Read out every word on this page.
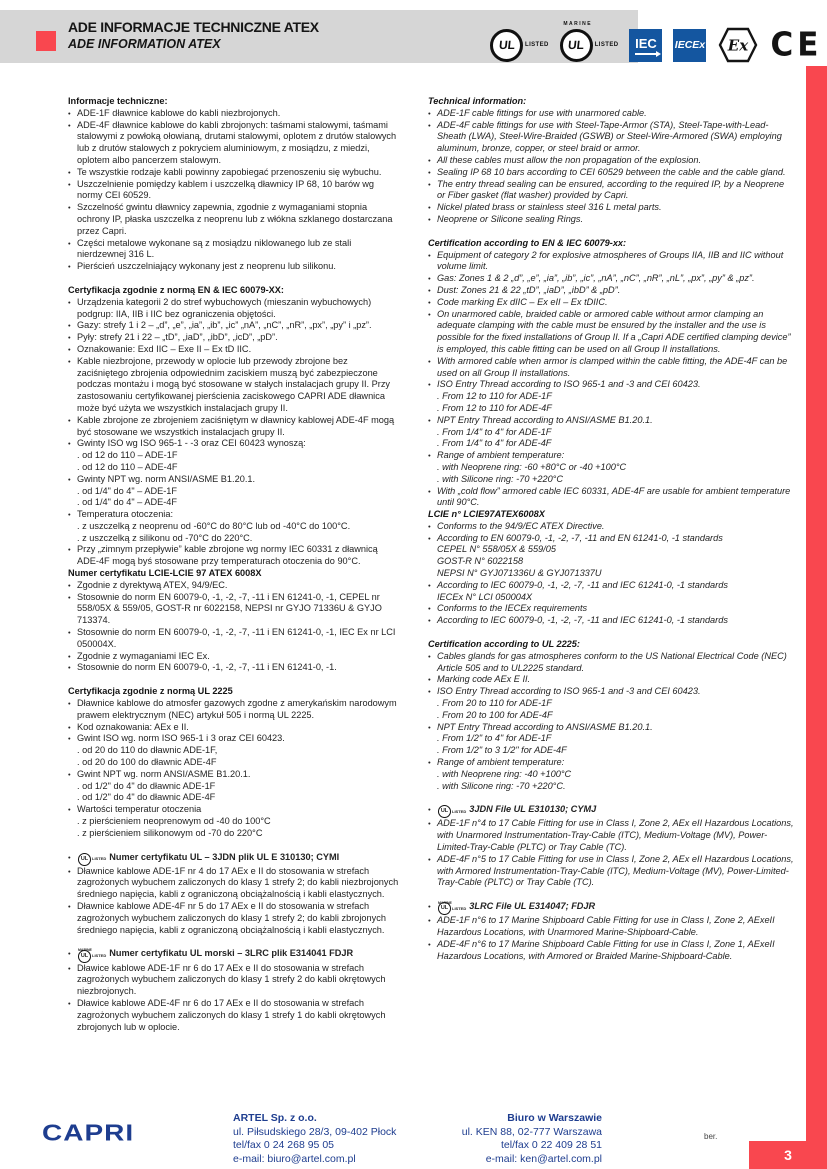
ADE INFORMACJE TECHNICZNE ATEX
ADE INFORMATION ATEX	UL LISTED
MARINE
UL LISTED IEC IECEx Ex CE
Informacje techniczne:
• ADE-1F dławnice kablowe do kabli niezbrojonych.
• ADE-4F dławnice kablowe do kabli zbrojonych: taśmami stalowymi, taśmami stalowymi z powłoką ołowianą, drutami stalowymi, oplotem z drutów stalowych lub z drutów stalowych z pokryciem aluminiowym, z mosiądzu, z miedzi, oplotem albo pancerzem stalowym.
• Te wszystkie rodzaje kabli powinny zapobiegać przenoszeniu się wybuchu.
• Uszczelnienie pomiędzy kablem i uszczelką dławnicy IP 68, 10 barów wg normy CEI 60529.
• Szczelność gwintu dławnicy zapewnia, zgodnie z wymaganiami stopnia ochrony IP, płaska uszczelka z neoprenu lub z włókna szklanego dostarczana przez Capri.
• Części metalowe wykonane są z mosiądzu niklowanego lub ze stali nierdzewnej 316 L.
• Pierścień uszczelniający wykonany jest z neoprenu lub silikonu.
Certyfikacja zgodnie z normą EN & IEC 60079-XX:
• Urządzenia kategorii 2 do stref wybuchowych (mieszanin wybuchowych) podgrup: IIA, IIB i IIC bez ograniczenia objętości.
• Gazy: strefy 1 i 2 – „d”, „e”, „ia”, „ib”, „ic” „nA”, „nC”, „nR”, „px”, „py” i „pz”.
• Pyły: strefy 21 i 22 – „tD”, „iaD”, „ibD”, „icD”, „pD”.
• Oznakowanie: Exd IIC – Exe II – Ex tD IIC.
• Kable niezbrojone, przewody w oplocie lub przewody zbrojone bez zaciśniętego zbrojenia odpowiednim zaciskiem muszą być zabezpieczone podczas montażu i mogą być stosowane w stałych instalacjach grupy II. Przy zastosowaniu certyfikowanej pierścienia zaciskowego CAPRI ADE dławnica może być użyta we wszystkich instalacjach grupy II.
• Kable zbrojone ze zbrojeniem zaciśniętym w dławnicy kablowej ADE-4F mogą być stosowane we wszystkich instalacjach grupy II.
• Gwinty ISO wg ISO 965-1 - -3 oraz CEI 60423 wynoszą:
. od 12 do 110 – ADE-1F
. od 12 do 110 – ADE-4F
• Gwinty NPT wg. norm ANSI/ASME B1.20.1.
. od 1/4" do 4" – ADE-1F
. od 1/4" do 4" – ADE-4F
• Temperatura otoczenia:
. z uszczelką z neoprenu od -60°C do 80°C lub od -40°C do 100°C.
. z uszczelką z silikonu od -70°C do 220°C.
• Przy „zimnym przepływie” kable zbrojone wg normy IEC 60331 z dławnicą ADE-4F mogą byś stosowane przy temperaturach otoczenia do 90°C.
Numer certyfikatu LCIE-LCIE 97 ATEX 6008X
• Zgodnie z dyrektywą ATEX, 94/9/EC.
• Stosownie do norm EN 60079-0, -1, -2, -7, -11 i EN 61241-0, -1, CEPEL nr 558/05X & 559/05, GOST-R nr 6022158, NEPSI nr GYJO 71336U & GYJO 713374.
• Stosownie do norm EN 60079-0, -1, -2, -7, -11 i EN 61241-0, -1, IEC Ex nr LCI 050004X.
• Zgodnie z wymaganiami IEC Ex.
• Stosownie do norm EN 60079-0, -1, -2, -7, -11 i EN 61241-0, -1.
Certyfikacja zgodnie z normą UL 2225
• Dławnice kablowe do atmosfer gazowych zgodne z amerykańskim narodowym prawem elektrycznym (NEC) artykuł 505 i normą UL 2225.
• Kod oznakowania: AEx e II.
• Gwint ISO wg. norm ISO 965-1 i 3 oraz CEI 60423.
. od 20 do 110 do dławnic ADE-1F,
. od 20 do 100 do dławnic ADE-4F
• Gwint NPT wg. norm ANSI/ASME B1.20.1.
. od 1/2" do 4" do dławnic ADE-1F
. od 1/2" do 4" do dławnic ADE-4F
• Wartości temperatur otoczenia
. z pierścieniem neoprenowym od -40 do 100°C
. z pierścieniem silikonowym od -70 do 220°C
•	UL LISTED Numer certyfikatu UL – 3JDN plik UL E 310130; CYMI
• Dławnice kablowe ADE-1F nr 4 do 17 AEx e II do stosowania w strefach zagrożonych wybuchem zaliczonych do klasy 1 strefy 2; do kabli niezbrojonych średniego napięcia, kabli z ograniczoną obciążalnością i kabli elastycznych.
• Dławnice kablowe ADE-4F nr 5 do 17 AEx e II do stosowania w strefach zagrożonych wybuchem zaliczonych do klasy 1 strefy 2; do kabli zbrojonych średniego napięcia, kabli z ograniczoną obciążalnością i kabli elastycznych.
• MARINE
UL LISTED Numer certyfikatu UL morski – 3LRC plik E314041 FDJR
• Dławice kablowe ADE-1F nr 6 do 17 AEx e II do stosowania w strefach zagrożonych wybuchem zaliczonych do klasy 1 strefy 2 do kabli okrętowych niezbrojonych.
• Dławice kablowe ADE-4F nr 6 do 17 AEx e II do stosowania w strefach zagrożonych wybuchem zaliczonych do klasy 1 strefy 1 do kabli okrętowych zbrojonych lub w oplocie.
Technical information:
• ADE-1F cable fittings for use with unarmored cable.
• ADE-4F cable fittings for use with Steel-Tape-Armor (STA), Steel-Tape-with-Lead-Sheath (LWA), Steel-Wire-Braided (GSWB) or Steel-Wire-Armored (SWA) employing aluminum, bronze, copper, or steel braid or armor.
• All these cables must allow the non propagation of the explosion.
• Sealing IP 68 10 bars according to CEI 60529 between the cable and the cable gland.
• The entry thread sealing can be ensured, according to the required IP, by a Neoprene or Fiber gasket (flat washer) provided by Capri.
• Nickel plated brass or stainless steel 316 L metal parts.
• Neoprene or Silicone sealing Rings.
Certification according to EN & IEC 60079-xx:
• Equipment of category 2 for explosive atmospheres of Groups IIA, IIB and IIC without volume limit.
• Gas: Zones 1 & 2 „d”, „e”, „ia”, „ib”, „ic”, „nA”, „nC”, „nR”, „nL”, „px”, „py” & „pz”.
• Dust: Zones 21 & 22 „tD”, „iaD”, „ibD” & „pD”.
• Code marking Ex dIIC – Ex eII – Ex tDIIC.
• On unarmored cable, braided cable or armored cable without armor clamping an adequate clamping with the cable must be ensured by the installer and the use is possible for the fixed installations of Group II. If a „Capri ADE certified clamping device” is employed, this cable fitting can be used on all Group II installations.
• With armored cable when armor is clamped within the cable fitting, the ADE-4F can be used on all Group II installations.
• ISO Entry Thread according to ISO 965-1 and -3 and CEI 60423.
. From 12 to 110 for ADE-1F
. From 12 to 110 for ADE-4F
• NPT Entry Thread according to ANSI/ASME B1.20.1.
. From 1/4" to 4" for ADE-1F
. From 1/4" to 4" for ADE-4F
• Range of ambient temperature:
. with Neoprene ring: -60 +80°C or -40 +100°C
. with Silicone ring: -70 +220°C
• With „cold flow” armored cable IEC 60331, ADE-4F are usable for ambient temperature until 90°C.
LCIE n° LCIE97ATEX6008X
• Conforms to the 94/9/EC ATEX Directive.
• According to EN 60079-0, -1, -2, -7, -11 and EN 61241-0, -1 standards
CEPEL N° 558/05X & 559/05
GOST-R N° 6022158
NEPSI N° GYJ071336U & GYJ071337U
• According to IEC 60079-0, -1, -2, -7, -11 and IEC 61241-0, -1 standards
IECEx N° LCI 050004X
• Conforms to the IECEx requirements
• According to IEC 60079-0, -1, -2, -7, -11 and IEC 61241-0, -1 standards
Certification according to UL 2225:
• Cables glands for gas atmospheres conform to the US National Electrical Code (NEC) Article 505 and to UL2225 standard.
• Marking code AEx E II.
• ISO Entry Thread according to ISO 965-1 and -3 and CEI 60423.
. From 20 to 110 for ADE-1F
. From 20 to 100 for ADE-4F
• NPT Entry Thread according to ANSI/ASME B1.20.1.
. From 1/2" to 4" for ADE-1F
. From 1/2" to 3 1/2" for ADE-4F
• Range of ambient temperature:
. with Neoprene ring: -40 +100°C
. with Silicone ring: -70 +220°C.
•	UL LISTED 3JDN File UL E310130; CYMJ
• ADE-1F n°4 to 17 Cable Fitting for use in Class I, Zone 2, AEx eII Hazardous Locations, with Unarmored Instrumentation-Tray-Cable (ITC), Medium-Voltage (MV), Power-Limited-Tray-Cable (PLTC) or Tray Cable (TC).
• ADE-4F n°5 to 17 Cable Fitting for use in Class I, Zone 2, AEx eII Hazardous Locations, with Armored Instrumentation-Tray-Cable (ITC), Medium-Voltage (MV), Power-Limited-Tray-Cable (PLTC) or Tray Cable (TC).
• MARINE
UL LISTED 3LRC File UL E314047; FDJR
• ADE-1F n°6 to 17 Marine Shipboard Cable Fitting for use in Class I, Zone 2, AExeII Hazardous Locations, with Unarmored Marine-Shipboard-Cable.
• ADE-4F n°6 to 17 Marine Shipboard Cable Fitting for use in Class I, Zone 1, AExeII Hazardous Locations, with Armored or Braided Marine-Shipboard-Cable.
CAPRI
ARTEL Sp. z o.o.
ul. Piłsudskiego 28/3, 09-402 Płock
tel/fax 0 24 268 95 05
e-mail: biuro@artel.com.pl
Biuro w Warszawie
ul. KEN 88, 02-777 Warszawa
tel/fax 0 22 409 28 51
e-mail: ken@artel.com.pl
ber.
3
